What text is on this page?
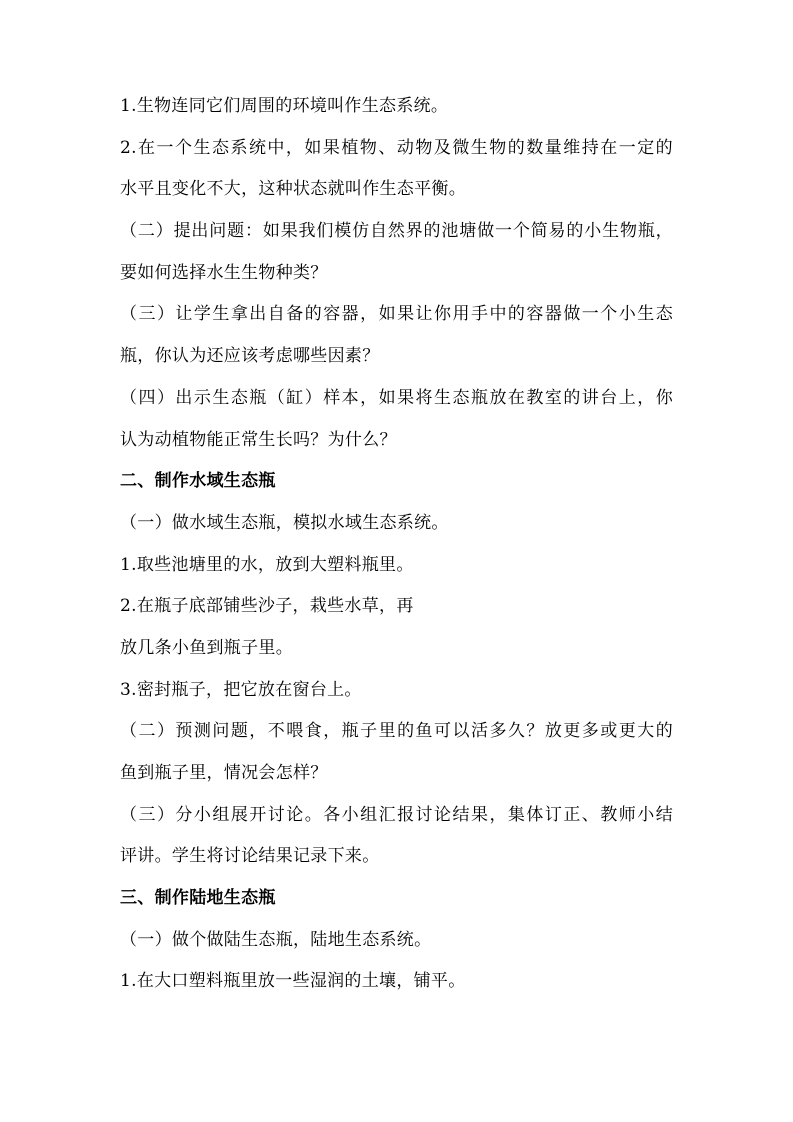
1.生物连同它们周围的环境叫作生态系统。
2.在一个生态系统中，如果植物、动物及微生物的数量维持在一定的
水平且变化不大，这种状态就叫作生态平衡。
（二）提出问题：如果我们模仿自然界的池塘做一个简易的小生物瓶，
要如何选择水生生物种类？
（三）让学生拿出自备的容器，如果让你用手中的容器做一个小生态
瓶，你认为还应该考虑哪些因素？
（四）出示生态瓶（缸）样本，如果将生态瓶放在教室的讲台上，你
认为动植物能正常生长吗？为什么？
二、制作水域生态瓶
（一）做水域生态瓶，模拟水域生态系统。
1.取些池塘里的水，放到大塑料瓶里。
2.在瓶子底部铺些沙子，栽些水草，再
放几条小鱼到瓶子里。
3.密封瓶子，把它放在窗台上。
（二）预测问题，不喂食，瓶子里的鱼可以活多久？放更多或更大的
鱼到瓶子里，情况会怎样？
（三）分小组展开讨论。各小组汇报讨论结果，集体订正、教师小结
评讲。学生将讨论结果记录下来。
三、制作陆地生态瓶
（一）做个做陆生态瓶，陆地生态系统。
1.在大口塑料瓶里放一些湿润的土壤，铺平。
